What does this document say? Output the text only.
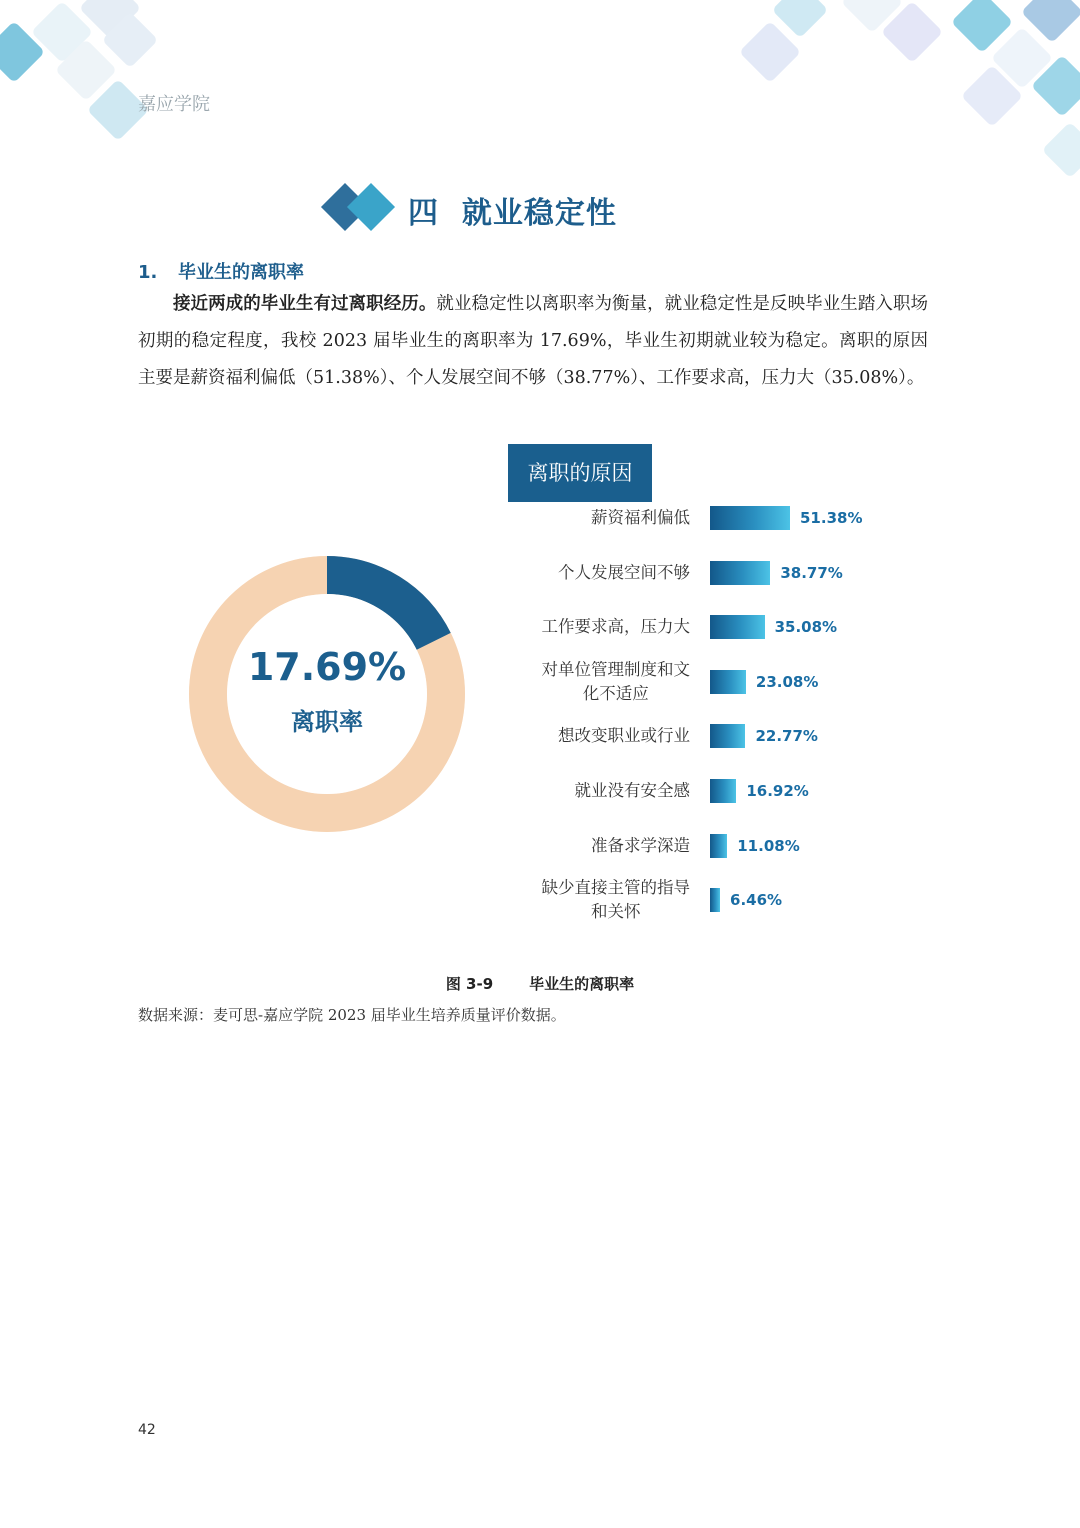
嘉应学院
四 就业稳定性
1. 毕业生的离职率
接近两成的毕业生有过离职经历。就业稳定性以离职率为衡量，就业稳定性是反映毕业生踏入职场初期的稳定程度，我校 2023 届毕业生的离职率为 17.69%，毕业生初期就业较为稳定。离职的原因主要是薪资福利偏低（51.38%）、个人发展空间不够（38.77%）、工作要求高，压力大（35.08%）。
离职的原因
17.69%
离职率
薪资福利偏低	51.38%
个人发展空间不够	38.77%
工作要求高，压力大	35.08%
对单位管理制度和文
化不适应
23.08%
想改变职业或行业	22.77%
就业没有安全感	16.92%
准备求学深造	11.08%
缺少直接主管的指导
和关怀
6.46%
图 3-9 毕业生的离职率
数据来源：麦可思-嘉应学院 2023 届毕业生培养质量评价数据。
42
